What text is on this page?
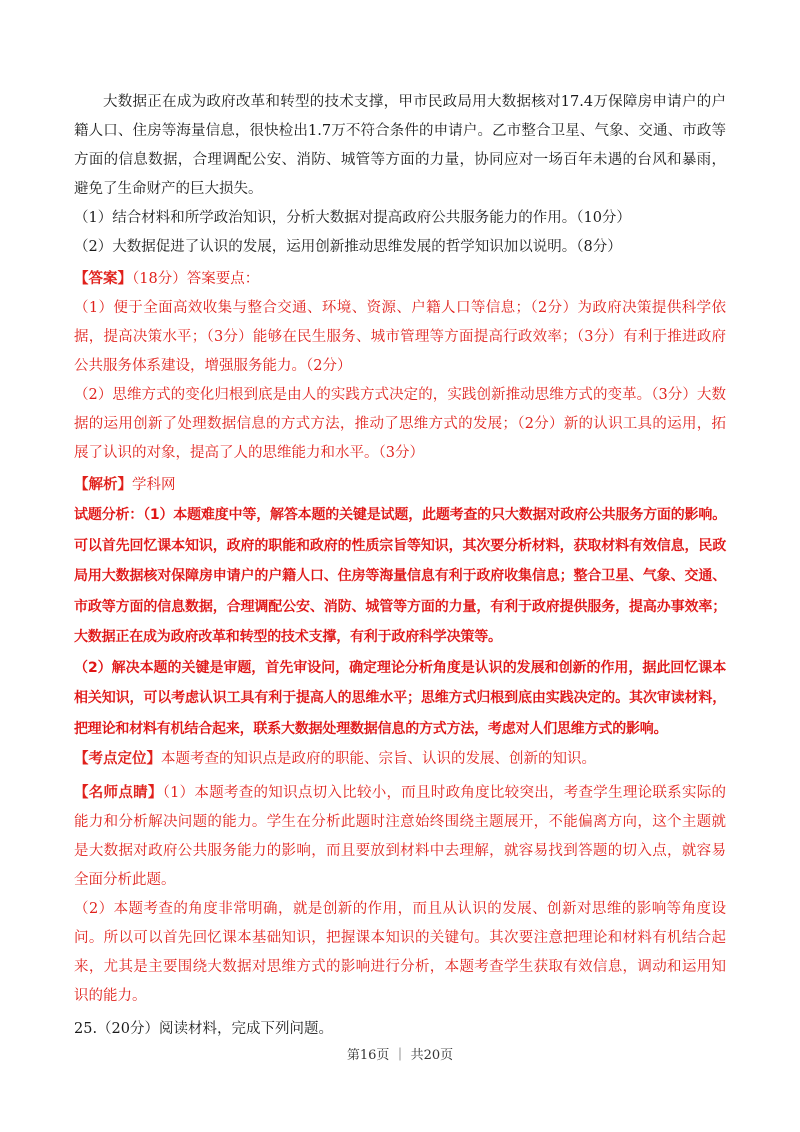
大数据正在成为政府改革和转型的技术支撑，甲市民政局用大数据核对17.4万保障房申请户的户籍人口、住房等海量信息，很快检出1.7万不符合条件的申请户。乙市整合卫星、气象、交通、市政等方面的信息数据，合理调配公安、消防、城管等方面的力量，协同应对一场百年未遇的台风和暴雨，避免了生命财产的巨大损失。

（1）结合材料和所学政治知识，分析大数据对提高政府公共服务能力的作用。（10分）

（2）大数据促进了认识的发展，运用创新推动思维发展的哲学知识加以说明。（8分）

【答案】（18分）答案要点：

（1）便于全面高效收集与整合交通、环境、资源、户籍人口等信息；（2分）为政府决策提供科学依据，提高决策水平；（3分）能够在民生服务、城市管理等方面提高行政效率；（3分）有利于推进政府公共服务体系建设，增强服务能力。（2分）

（2）思维方式的变化归根到底是由人的实践方式决定的，实践创新推动思维方式的变革。（3分）大数据的运用创新了处理数据信息的方式方法，推动了思维方式的发展；（2分）新的认识工具的运用，拓展了认识的对象，提高了人的思维能力和水平。（3分）

【解析】学科网

试题分析：（1）本题难度中等，解答本题的关键是试题，此题考查的只大数据对政府公共服务方面的影响。可以首先回忆课本知识，政府的职能和政府的性质宗旨等知识，其次要分析材料，获取材料有效信息，民政局用大数据核对保障房申请户的户籍人口、住房等海量信息有利于政府收集信息；整合卫星、气象、交通、市政等方面的信息数据，合理调配公安、消防、城管等方面的力量，有利于政府提供服务，提高办事效率；大数据正在成为政府改革和转型的技术支撑，有利于政府科学决策等。

（2）解决本题的关键是审题，首先审设问，确定理论分析角度是认识的发展和创新的作用，据此回忆课本相关知识，可以考虑认识工具有利于提高人的思维水平；思维方式归根到底由实践决定的。其次审读材料，把理论和材料有机结合起来，联系大数据处理数据信息的方式方法，考虑对人们思维方式的影响。

【考点定位】本题考查的知识点是政府的职能、宗旨、认识的发展、创新的知识。

【名师点睛】（1）本题考查的知识点切入比较小，而且时政角度比较突出，考查学生理论联系实际的能力和分析解决问题的能力。学生在分析此题时注意始终围绕主题展开，不能偏离方向，这个主题就是大数据对政府公共服务能力的影响，而且要放到材料中去理解，就容易找到答题的切入点，就容易全面分析此题。

（2）本题考查的角度非常明确，就是创新的作用，而且从认识的发展、创新对思维的影响等角度设问。所以可以首先回忆课本基础知识，把握课本知识的关键句。其次要注意把理论和材料有机结合起来，尤其是主要围绕大数据对思维方式的影响进行分析，本题考查学生获取有效信息，调动和运用知识的能力。

25.（20分）阅读材料，完成下列问题。

第16页 ｜ 共20页
